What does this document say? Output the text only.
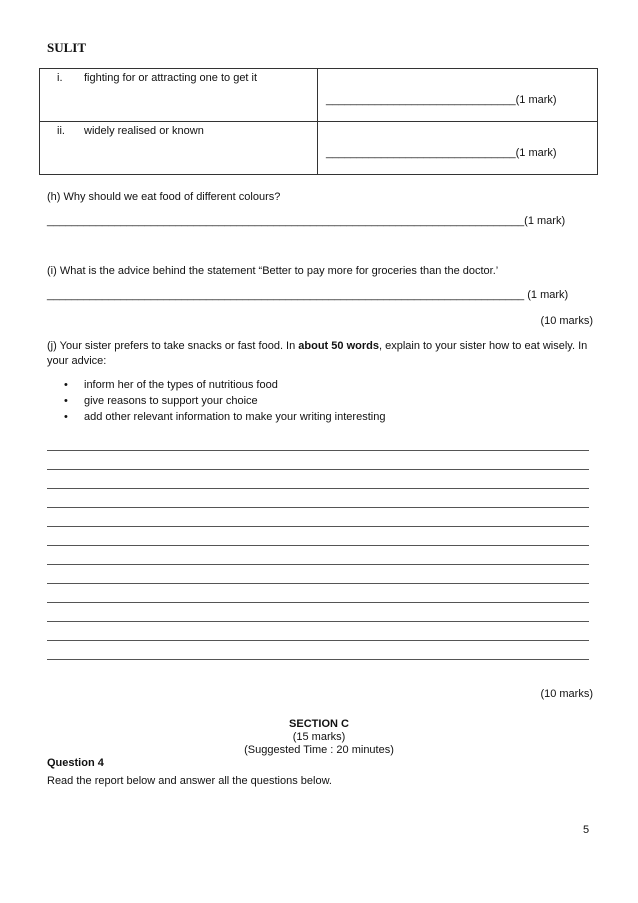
SULIT
i. fighting for or attracting one to get it	_______________________________(1 mark)

ii. widely realised or known	_______________________________(1 mark)
(h) Why should we eat food of different colours?
______________________________________________________________________________(1 mark)
(i) What is the advice behind the statement “Better to pay more for groceries than the doctor.’
______________________________________________________________________________ (1 mark)
(10 marks)
(j) Your sister prefers to take snacks or fast food. In about 50 words, explain to your sister how to eat wisely. In
your advice:
• inform her of the types of nutritious food
• give reasons to support your choice
• add other relevant information to make your writing interesting
(10 marks)
SECTION C
(15 marks)
(Suggested Time : 20 minutes)
Question 4
Read the report below and answer all the questions below.
5
